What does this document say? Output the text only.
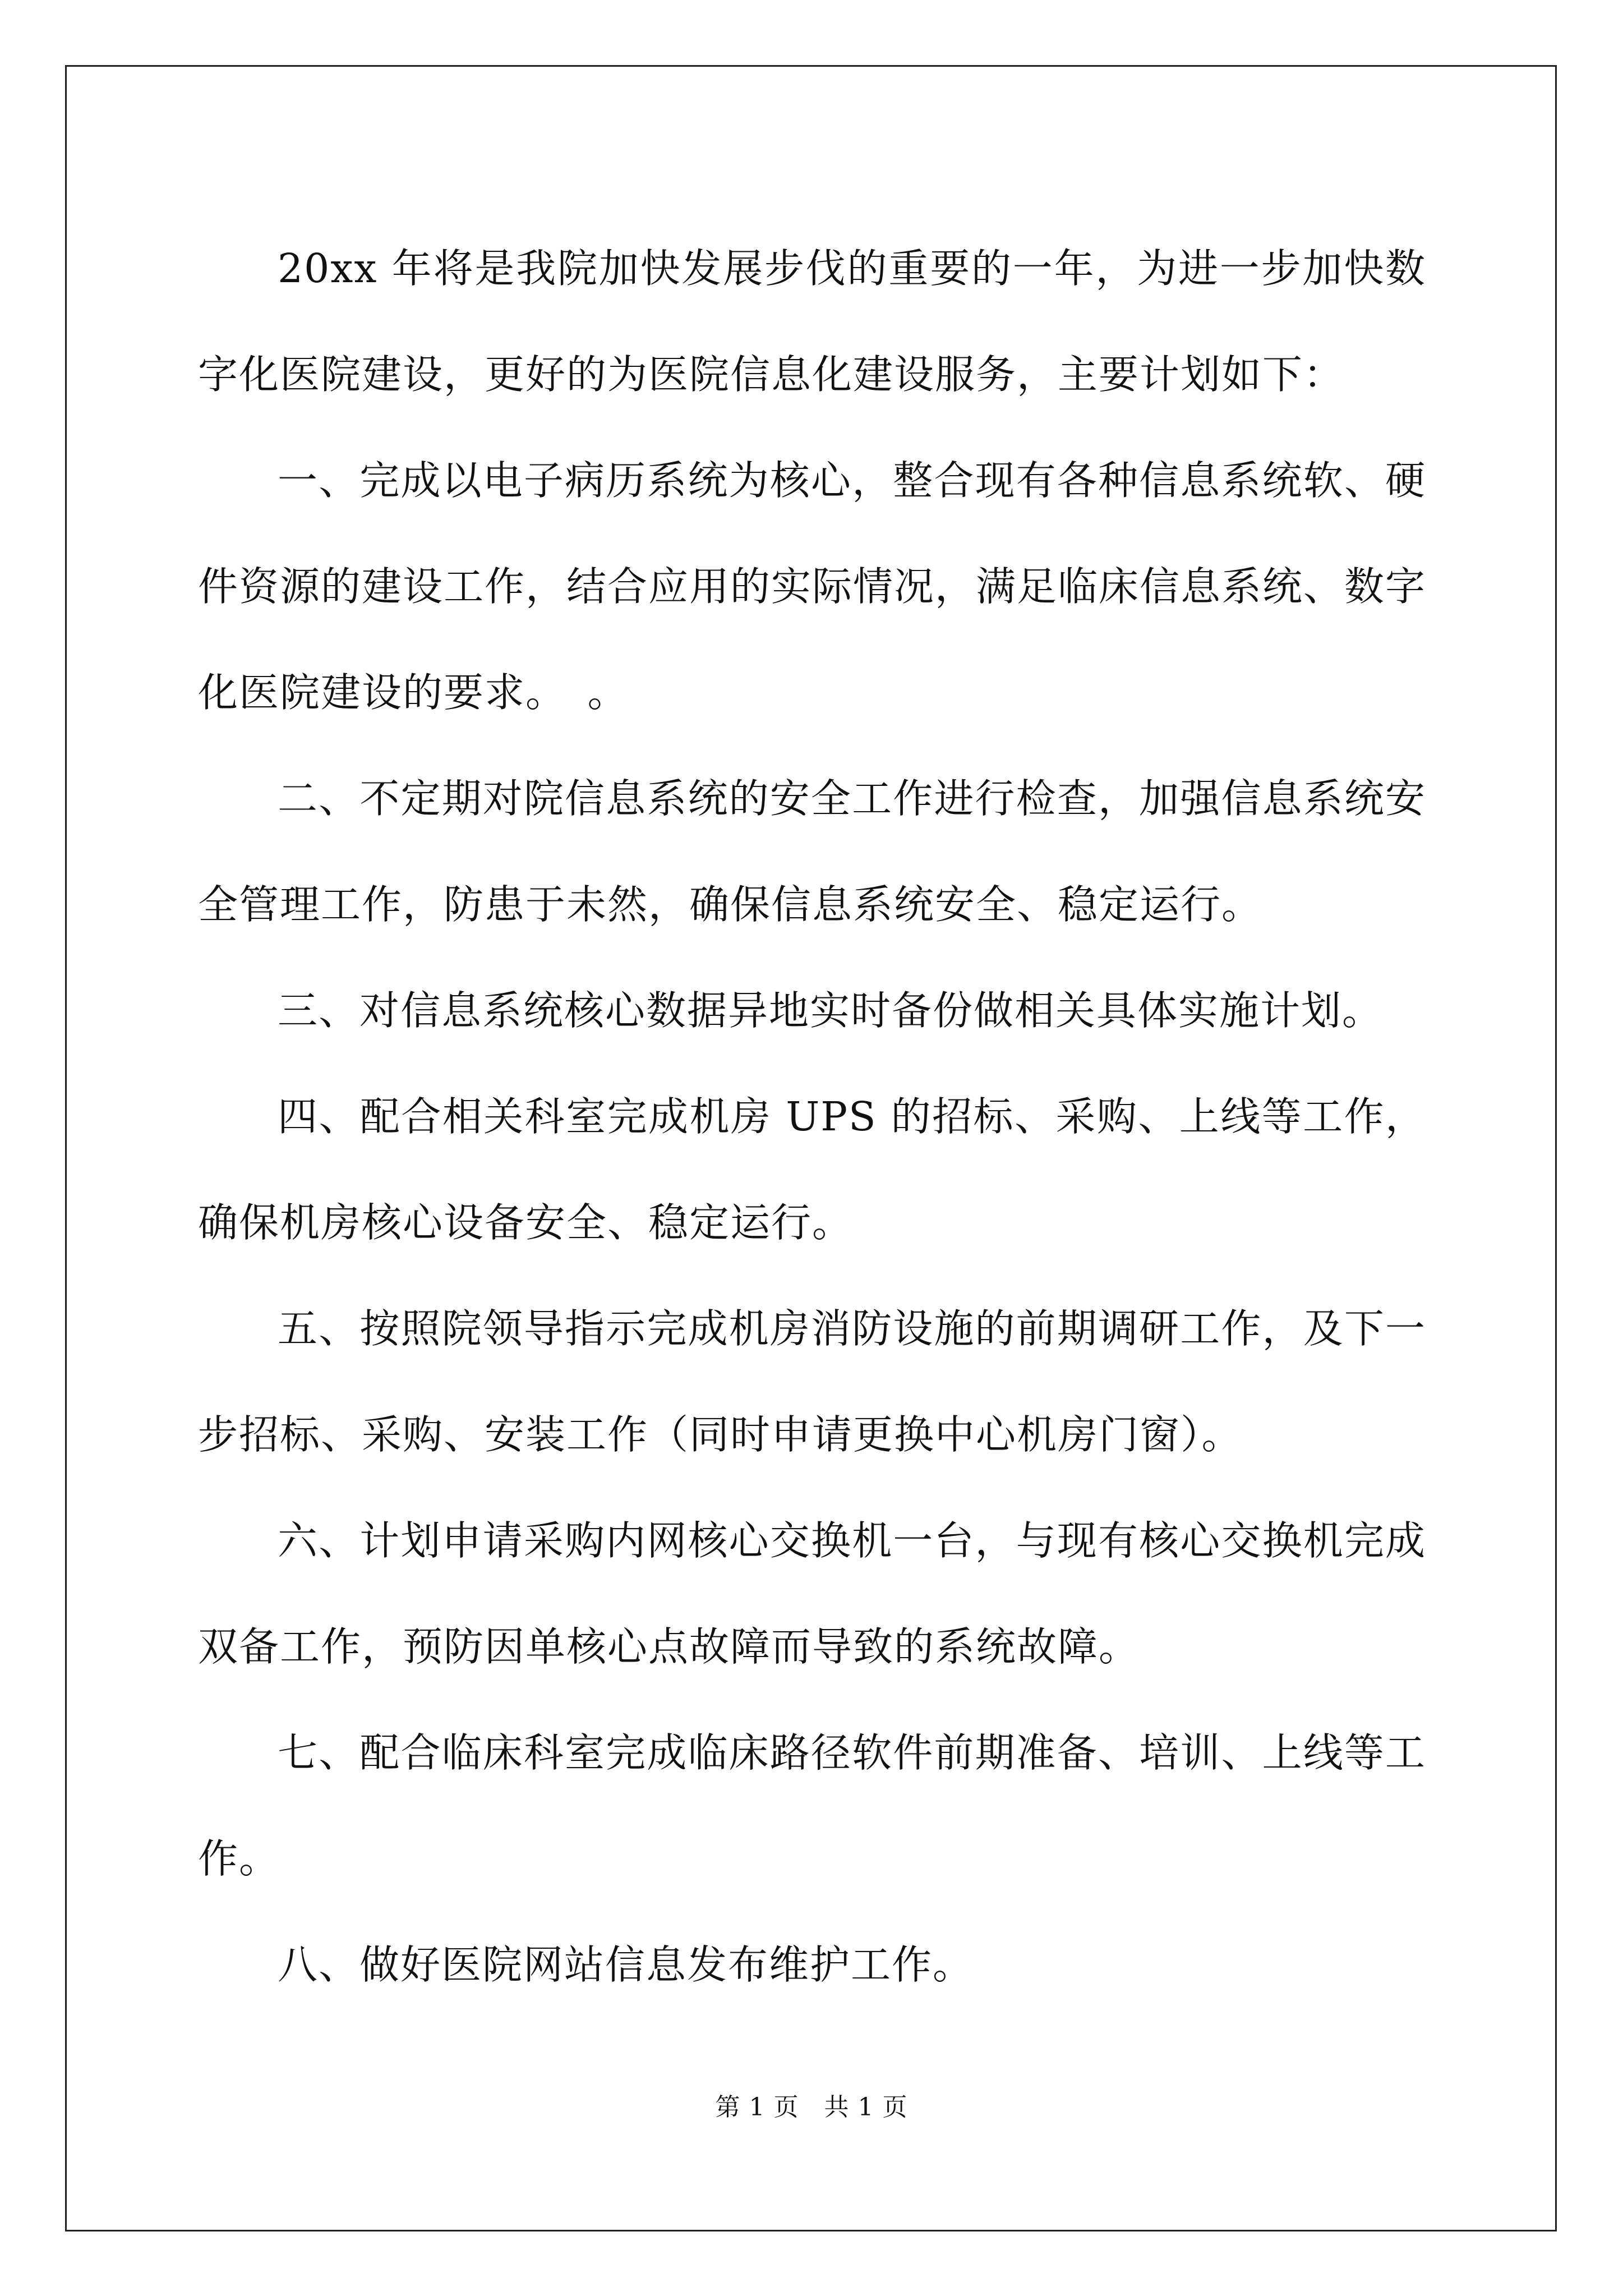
20xx 年将是我院加快发展步伐的重要的一年，为进一步加快数字化医院建设，更好的为医院信息化建设服务，主要计划如下：

一、完成以电子病历系统为核心，整合现有各种信息系统软、硬件资源的建设工作，结合应用的实际情况，满足临床信息系统、数字化医院建设的要求。　。

二、不定期对院信息系统的安全工作进行检查，加强信息系统安全管理工作，防患于未然，确保信息系统安全、稳定运行。

三、对信息系统核心数据异地实时备份做相关具体实施计划。

四、配合相关科室完成机房 UPS 的招标、采购、上线等工作，确保机房核心设备安全、稳定运行。

五、按照院领导指示完成机房消防设施的前期调研工作，及下一步招标、采购、安装工作（同时申请更换中心机房门窗）。

六、计划申请采购内网核心交换机一台，与现有核心交换机完成双备工作，预防因单核心点故障而导致的系统故障。

七、配合临床科室完成临床路径软件前期准备、培训、上线等工作。

八、做好医院网站信息发布维护工作。

第 1 页　共 1 页
